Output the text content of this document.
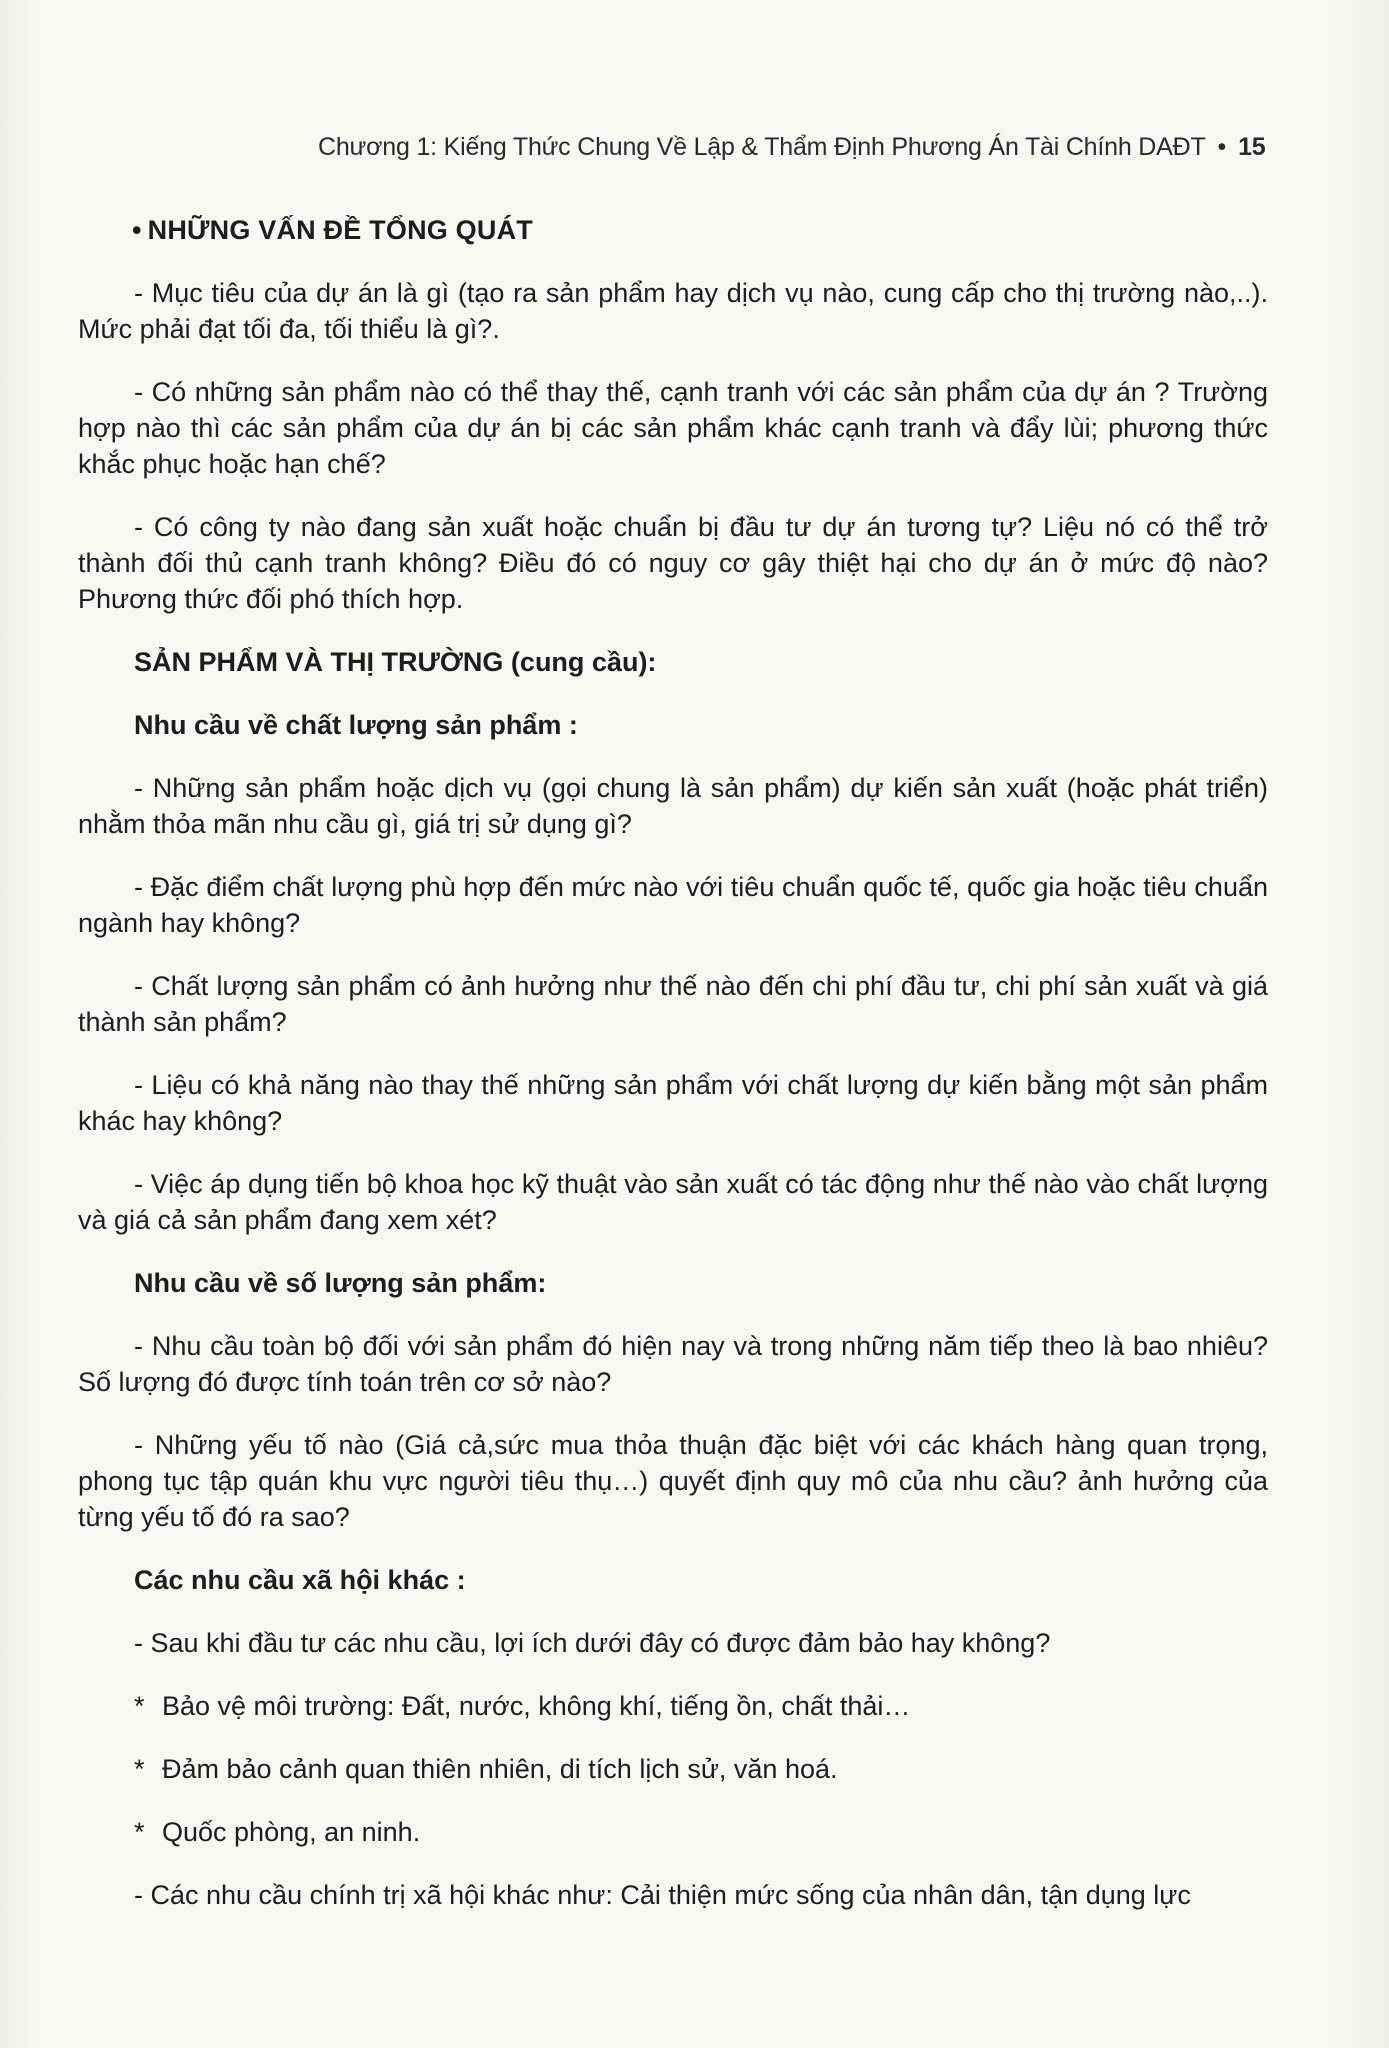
Chương 1: Kiếng Thức Chung Về Lập & Thẩm Định Phương Án Tài Chính DAĐT • 15
• NHỮNG VẤN ĐỀ TỔNG QUÁT

- Mục tiêu của dự án là gì (tạo ra sản phẩm hay dịch vụ nào, cung cấp cho thị trường nào,..). Mức phải đạt tối đa, tối thiểu là gì?.

- Có những sản phẩm nào có thể thay thế, cạnh tranh với các sản phẩm của dự án ? Trường hợp nào thì các sản phẩm của dự án bị các sản phẩm khác cạnh tranh và đẩy lùi; phương thức khắc phục hoặc hạn chế?

- Có công ty nào đang sản xuất hoặc chuẩn bị đầu tư dự án tương tự? Liệu nó có thể trở thành đối thủ cạnh tranh không? Điều đó có nguy cơ gây thiệt hại cho dự án ở mức độ nào? Phương thức đối phó thích hợp.

SẢN PHẨM VÀ THỊ TRƯỜNG (cung cầu):
Nhu cầu về chất lượng sản phẩm :

- Những sản phẩm hoặc dịch vụ (gọi chung là sản phẩm) dự kiến sản xuất (hoặc phát triển) nhằm thỏa mãn nhu cầu gì, giá trị sử dụng gì?

- Đặc điểm chất lượng phù hợp đến mức nào với tiêu chuẩn quốc tế, quốc gia hoặc tiêu chuẩn ngành hay không?

- Chất lượng sản phẩm có ảnh hưởng như thế nào đến chi phí đầu tư, chi phí sản xuất và giá thành sản phẩm?

- Liệu có khả năng nào thay thế những sản phẩm với chất lượng dự kiến bằng một sản phẩm khác hay không?

- Việc áp dụng tiến bộ khoa học kỹ thuật vào sản xuất có tác động như thế nào vào chất lượng và giá cả sản phẩm đang xem xét?

Nhu cầu về số lượng sản phẩm:

- Nhu cầu toàn bộ đối với sản phẩm đó hiện nay và trong những năm tiếp theo là bao nhiêu? Số lượng đó được tính toán trên cơ sở nào?

- Những yếu tố nào (Giá cả,sức mua thỏa thuận đặc biệt với các khách hàng quan trọng, phong tục tập quán khu vực người tiêu thụ…) quyết định quy mô của nhu cầu? ảnh hưởng của từng yếu tố đó ra sao?

Các nhu cầu xã hội khác :
- Sau khi đầu tư các nhu cầu, lợi ích dưới đây có được đảm bảo hay không?
* Bảo vệ môi trường: Đất, nước, không khí, tiếng ồn, chất thải…
* Đảm bảo cảnh quan thiên nhiên, di tích lịch sử, văn hoá.
* Quốc phòng, an ninh.
- Các nhu cầu chính trị xã hội khác như: Cải thiện mức sống của nhân dân, tận dụng lực
